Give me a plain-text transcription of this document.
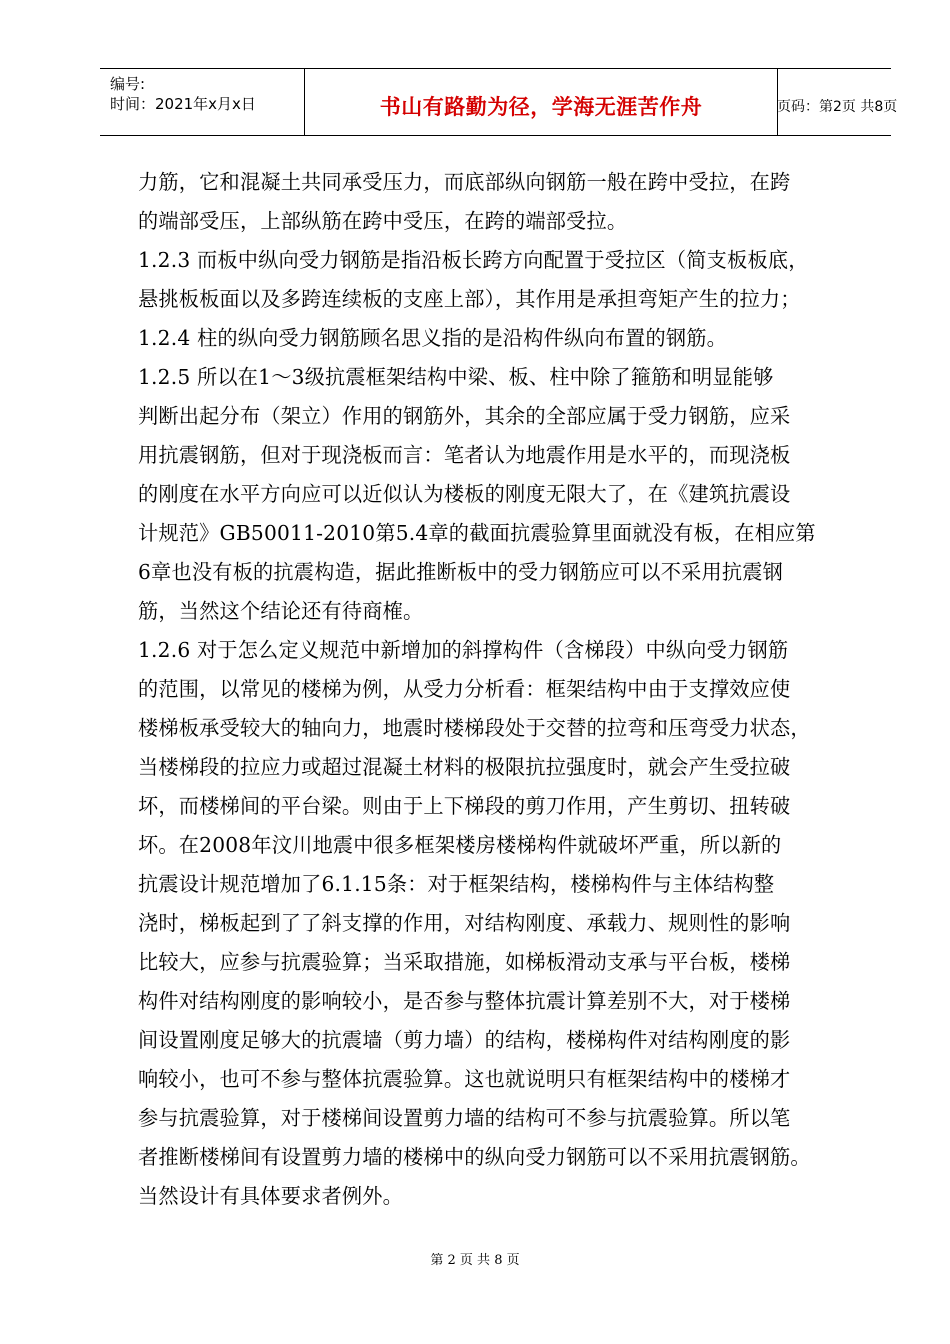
编号:
时间：2021年x月x日	书山有路勤为径，学海无涯苦作舟	页码：第2页 共8页

力筋，它和混凝土共同承受压力，而底部纵向钢筋一般在跨中受拉，在跨
的端部受压，上部纵筋在跨中受压，在跨的端部受拉。

1.2.3 而板中纵向受力钢筋是指沿板长跨方向配置于受拉区（简支板板底，
悬挑板板面以及多跨连续板的支座上部），其作用是承担弯矩产生的拉力；

1.2.4 柱的纵向受力钢筋顾名思义指的是沿构件纵向布置的钢筋。

1.2.5 所以在1～3级抗震框架结构中梁、板、柱中除了箍筋和明显能够
判断出起分布（架立）作用的钢筋外，其余的全部应属于受力钢筋，应采
用抗震钢筋，但对于现浇板而言：笔者认为地震作用是水平的，而现浇板
的刚度在水平方向应可以近似认为楼板的刚度无限大了，在《建筑抗震设
计规范》GB50011-2010第5.4章的截面抗震验算里面就没有板，在相应第
6章也没有板的抗震构造，据此推断板中的受力钢筋应可以不采用抗震钢
筋，当然这个结论还有待商榷。

1.2.6 对于怎么定义规范中新增加的斜撑构件（含梯段）中纵向受力钢筋
的范围，以常见的楼梯为例，从受力分析看：框架结构中由于支撑效应使
楼梯板承受较大的轴向力，地震时楼梯段处于交替的拉弯和压弯受力状态，
当楼梯段的拉应力或超过混凝土材料的极限抗拉强度时，就会产生受拉破
坏，而楼梯间的平台梁。则由于上下梯段的剪刀作用，产生剪切、扭转破
坏。在2008年汶川地震中很多框架楼房楼梯构件就破坏严重，所以新的
抗震设计规范增加了6.1.15条：对于框架结构，楼梯构件与主体结构整
浇时，梯板起到了了斜支撑的作用，对结构刚度、承载力、规则性的影响
比较大，应参与抗震验算；当采取措施，如梯板滑动支承与平台板，楼梯
构件对结构刚度的影响较小，是否参与整体抗震计算差别不大，对于楼梯
间设置刚度足够大的抗震墙（剪力墙）的结构，楼梯构件对结构刚度的影
响较小，也可不参与整体抗震验算。这也就说明只有框架结构中的楼梯才
参与抗震验算，对于楼梯间设置剪力墙的结构可不参与抗震验算。所以笔
者推断楼梯间有设置剪力墙的楼梯中的纵向受力钢筋可以不采用抗震钢筋。
当然设计有具体要求者例外。

第 2 页 共 8 页
